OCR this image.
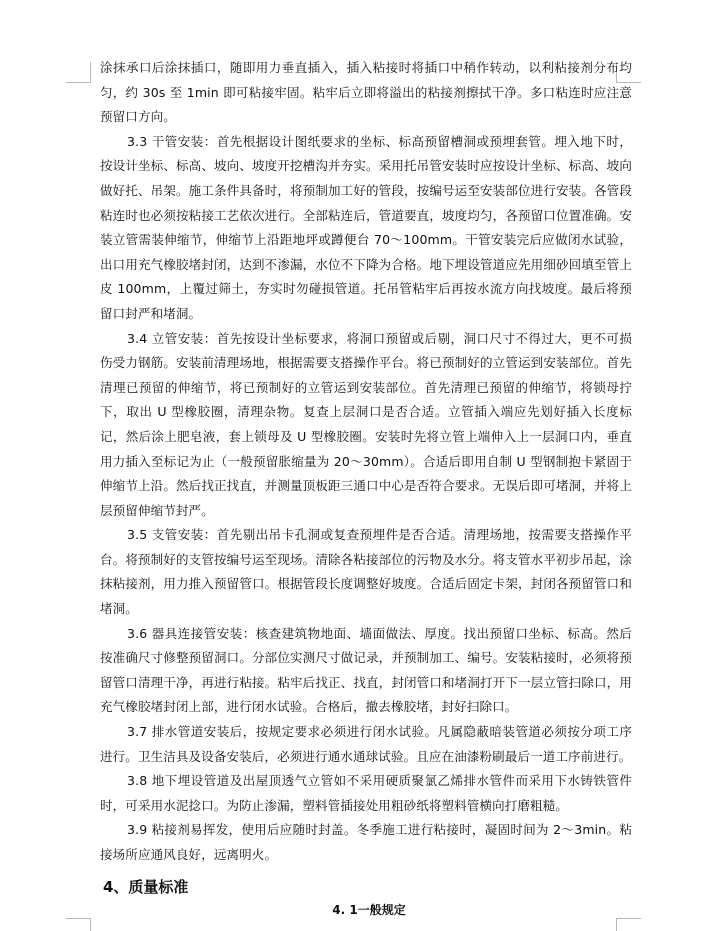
涂抹承口后涂抹插口，随即用力垂直插入，插入粘接时将插口中稍作转动，以利粘接剂分布均匀，约 30s 至 1min 即可粘接牢固。粘牢后立即将溢出的粘接剂擦拭干净。多口粘连时应注意预留口方向。

3.3 干管安装：首先根据设计图纸要求的坐标、标高预留槽洞或预埋套管。埋入地下时，按设计坐标、标高、坡向、坡度开挖槽沟并夯实。采用托吊管安装时应按设计坐标、标高、坡向做好托、吊架。施工条件具备时，将预制加工好的管段，按编号运至安装部位进行安装。各管段粘连时也必须按粘接工艺依次进行。全部粘连后，管道要直，坡度均匀，各预留口位置准确。安装立管需装伸缩节，伸缩节上沿距地坪或蹲便台 70～100mm。干管安装完后应做闭水试验，出口用充气橡胶堵封闭，达到不渗漏，水位不下降为合格。地下埋设管道应先用细砂回填至管上皮 100mm，上覆过筛土，夯实时勿碰损管道。托吊管粘牢后再按水流方向找坡度。最后将预留口封严和堵洞。

3.4 立管安装：首先按设计坐标要求，将洞口预留或后剔，洞口尺寸不得过大，更不可损伤受力钢筋。安装前清理场地，根据需要支搭操作平台。将已预制好的立管运到安装部位。首先清理已预留的伸缩节，将已预制好的立管运到安装部位。首先清理已预留的伸缩节，将锁母拧下，取出 U 型橡胶圈，清理杂物。复查上层洞口是否合适。立管插入端应先划好插入长度标记，然后涂上肥皂液，套上锁母及 U 型橡胶圈。安装时先将立管上端伸入上一层洞口内，垂直用力插入至标记为止（一般预留胀缩量为 20～30mm）。合适后即用自制 U 型钢制抱卡紧固于伸缩节上沿。然后找正找直，并测量顶板距三通口中心是否符合要求。无误后即可堵洞，并将上层预留伸缩节封严。

3.5 支管安装：首先剔出吊卡孔洞或复查预埋件是否合适。清理场地，按需要支搭操作平台。将预制好的支管按编号运至现场。清除各粘接部位的污物及水分。将支管水平初步吊起，涂抹粘接剂，用力推入预留管口。根据管段长度调整好坡度。合适后固定卡架，封闭各预留管口和堵洞。

3.6 器具连接管安装：核查建筑物地面、墙面做法、厚度。找出预留口坐标、标高。然后按准确尺寸修整预留洞口。分部位实测尺寸做记录，并预制加工、编号。安装粘接时，必须将预留管口清理干净，再进行粘接。粘牢后找正、找直，封闭管口和堵洞打开下一层立管扫除口，用充气橡胶堵封闭上部，进行闭水试验。合格后，撤去橡胶堵，封好扫除口。

3.7 排水管道安装后，按规定要求必须进行闭水试验。凡属隐蔽暗装管道必须按分项工序进行。卫生洁具及设备安装后，必须进行通水通球试验。且应在油漆粉刷最后一道工序前进行。

3.8 地下埋设管道及出屋顶透气立管如不采用硬质聚氯乙烯排水管件而采用下水铸铁管件时，可采用水泥捻口。为防止渗漏，塑料管插接处用粗砂纸将塑料管横向打磨粗糙。

3.9 粘接剂易挥发，使用后应随时封盖。冬季施工进行粘接时，凝固时间为 2～3min。粘接场所应通风良好，远离明火。

4、质量标准
4. 1一般规定
